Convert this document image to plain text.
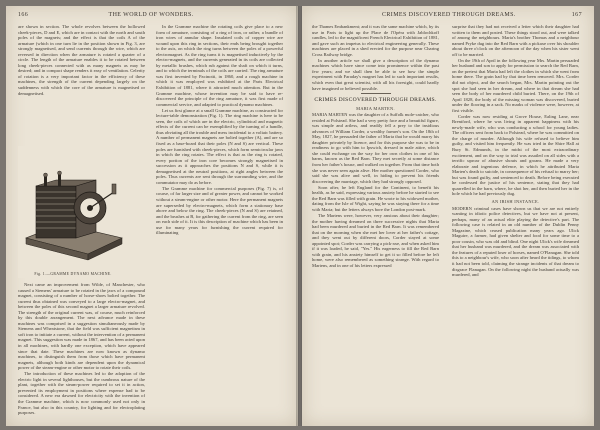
166	THE WORLD OF WONDERS.

are shown in section. The whole revolves between the hollowed cheek-pieces, D and E, which are in contact with the north and south poles of the magnets; and the effect is that the coils A of the armature (which in one turn lie in the position shown in Fig. 3, are strongly magnetised, and send currents through the wire, which are reversed in direction when the armature is rotated a quarter of a circle. The length of the armature enables it to be rotated between long cheek-pieces connected with as many magnets as may be desired; and in compact shape renders it easy of ventilation. Celerity of rotation is a very important factor in the efficiency of these machines, the strength of the current depending largely on the suddenness with which the core of the armature is magnetised or demagnetised.

Fig. 1.—GRAMME DYNAMO MACHINE.

Next came an improvement from Wilde, of Manchester, who caused a Siemens' armature to be rotated in the jaws of a compound magnet, consisting of a number of horse-shoes bolted together. The current thus obtained was conveyed to a large electro-magnet, and between the poles of this second magnet a larger armature revolved. The strength of the original current was, of course, much reinforced by this double arrangement. The next advance made in these machines was comprised in a suggestion simultaneously made by Siemens and Wheatstone, that the field was sufficient magnetism in soft iron to initiate a current, without the intervention of a permanent magnet. This suggestion was made in 1867, and has been acted upon in all machines, with hardly one exception, which have appeared since that date. These machines are now known as dynamo machines, to distinguish them from those which have permanent magnets, although both kinds are dependent upon the dynamical power of the steam-engine or other motor to rotate their coils.

The introduction of these machines led to the adoption of the electric light in several lighthouses, but the cumbrous nature of the plant, together with the steam-power required to set it in action, prevented its employment in positions where expense had to be considered. A new era dawned for electricity with the invention of the Gramme machine, which is now commonly used not only in France, but also in this country, for lighting and for electroplating purposes.

In the Gramme machine the rotating coils give place to a new form of armature, consisting of a ring of iron, or rather, a bundle of iron wires of annular shape. Insulated coils of copper wire are wound upon this ring in sections, their ends being brought together to the axis, on which the ring turns between the poles of a powerful electromagnet. As the ring turns it is magnetised inductively by the electro-magnets, and the currents generated in its coils are collected by metallic brushes, which rub against the shaft on which it turns, and to which the terminals of the coils are carried. The ring armature was first invented by Pacinotti, in 1860, and a rough machine in which it was employed was exhibited at the Paris Electrical Exhibition of 1881, where it attracted much attention. But in the Gramme machine, whose invention may be said to have re-discovered the principle of the ring armature, it was first made of commercial service, and adapted to practical dynamo machines.

Let us first glance at a small Gramme machine, as constructed for lecture-table demonstration (Fig. 1). The ring machine is here to be seen, the coils of which are in the electric, cylindrical and magnetic effects of the current can be exemplified by the turning of a handle, thus obviating all the trouble and mess incidental to a voltaic battery. A number of permanent magnets are bolted together (A), and are so fixed as a base-board that their poles (N and S) are vertical. These poles are furnished with cheek-pieces, which form semicircular jaws in which the ring rotates. The effect is that as the ring is rotated, every portion of the iron core becomes strongly magnetised in succession as it approaches the positions N and S, while it is demagnetised at the neutral positions, at right angles between the poles. Thus currents are sent through the surrounding wire, and the commutator may do as before.

The Gramme machine for commercial purposes (Fig. 7) is, of course, of far larger size and of greater power, and cannot be worked without a steam-engine or other motor. Here the permanent magnets are superseded by electro-magnets, which form a stationary base above and below the ring. The cheek-pieces (N and S) are retained, and the brushes at B, for gathering the current from the ring, are seen on each side of it. It is this description of machine which has been in use for many years for furnishing the current required for illuminating

CRIMES DISCOVERED THROUGH DREAMS.	167

the Thames Embankment; and it was the same machine which, by its use in Paris to light up the Place de l'Opéra with Jablochkoff candles, led to the magnificent French Electrical Exhibition of 1881, and gave such an impetus to electrical engineering generally. These machines are placed in a shed erected for the purpose near Charing Cross Railway bridge.

In another article we shall give a description of the dynamo machines which have since come into prominence within the past few years; and we shall then be able to see how the simple experiment with Faraday's magnet has led to such important results, which even that great scientist, with all his foresight, could hardly have imagined or believed possible.

CRIMES DISCOVERED THROUGH DREAMS.
MARIA MARTEN.

MARIA MARTEN was the daughter of a Suffolk mole-catcher, who resided at Polstead. She had a very pretty face and a beautiful figure, was simple and artless, and readily fell a prey to the insidious advances of William Corder, a wealthy farmer's son. On the 18th of May, 1827, he persuaded the father of Maria that he would marry his daughter privately by licence, and for this purpose she was to be in readiness to go with him to Ipswich, dressed in male attire, which she could exchange on the way for her own clothes in one of his barns, known as the Red Barn. They met secretly at some distance from her father's house, and walked on together. From that time both she was never seen again alive. Her mother questioned Corder, who said she was alive and well, in hiding to prevent his friends discovering the marriage, which they had strongly opposed.

Soon after, he left England for the Continent, to benefit his health, as he said, expressing various anxiety before he started to see the Red Barn was filled with grain. He wrote to his widowed mother, dating from the Isle of Wight, saying he was staying there for a time with Maria; but the letters always bore the London post-mark.

The Martens were, however, very anxious about their daughter; the mother having dreamed on three successive nights that Maria had been murdered and buried in the Red Barn. It was remembered that on the morning when she met her lover at her father's cottage, and they went out by different doors, Corder stayed at some appointed spot; Corder was carrying a pick-axe, and when asked him if it was loaded, he said, "Yes." His eagerness to fill the Red Barn with grain, and his anxiety himself to get it so filled before he left home, were also remembered as something strange. With regard to Martens, and in one of his letters expressed

surprise that they had not received a letter which their daughter had written to them and posted. These things stood out, and were talked of among the neighbours. Maria's brother Thomas and a neighbour named Pryke dug into the Red Barn with a pickaxe over his shoulder about three o'clock on the afternoon of the day when his sister went off to be married.

On the 19th of April in the following year Mrs. Martin persuaded her husband and son to apply for permission to search the Red Barn, on the pretext that Maria had left the clothes in which she went from home there. The grain had by that time been removed. Mrs. Corder did not object, and the search began, Mrs. Martin pointing out the spot she had seen in her dream, and where in that dream she had seen the body of her murdered child buried. There, on the 19th of April 1828, the body of the missing woman was discovered, buried under the flooring in a sack. No marks of violence were, however, at first visible.

Corder was now residing at Grove House, Ealing Lane, near Brentford, where he was living in apparent happiness with his newly-made wife, who was conducting a school for young ladies. The officers sent from back to Polstead, where he was committed on the charge of murder. Although his wife refused to believe him guilty, and visited him frequently. He was tried in the Shire Hall at Bury St. Edmunds, in the midst of the most extraordinary excitement, and on the way to trial was assailed on all sides with a terrific uproar of abusive shouts and groans. He made a very elaborate and ingenious defence, in which he attributed Maria Marten's death to suicide, in consequence of his refusal to marry her; but was found guilty, and sentenced to death. Before being executed he confessed the justice of his sentence, stating that they had quarrelled in the barn, where, he shot her, and then buried her in the hole which he had previously dug.

AN IRISH INSTANCE.

MODERN criminal cases have shown us that we are not entirely wanting in idiotic police detectives, but we have not at present, perhaps, many of an actual elite playing the detective's part. The following case is related in an old number of the Dublin Penny Magazine, which ceased publication many years ago. Ulick Maguire, a farmer, had given shelter and food for some time to a poor cousin, who was old and blind. One night Ulick's wife dreamed that her husband was murdered, and the dream was associated with the features of a reputed loser of horses, named O'Flanagan. She told this to a neighbour's wife, who soon after heard the tidings, to whom it had not been told, claiming the strange incidents of that dream to disgrace Flanagan. On the following night the husband actually was murdered, and
